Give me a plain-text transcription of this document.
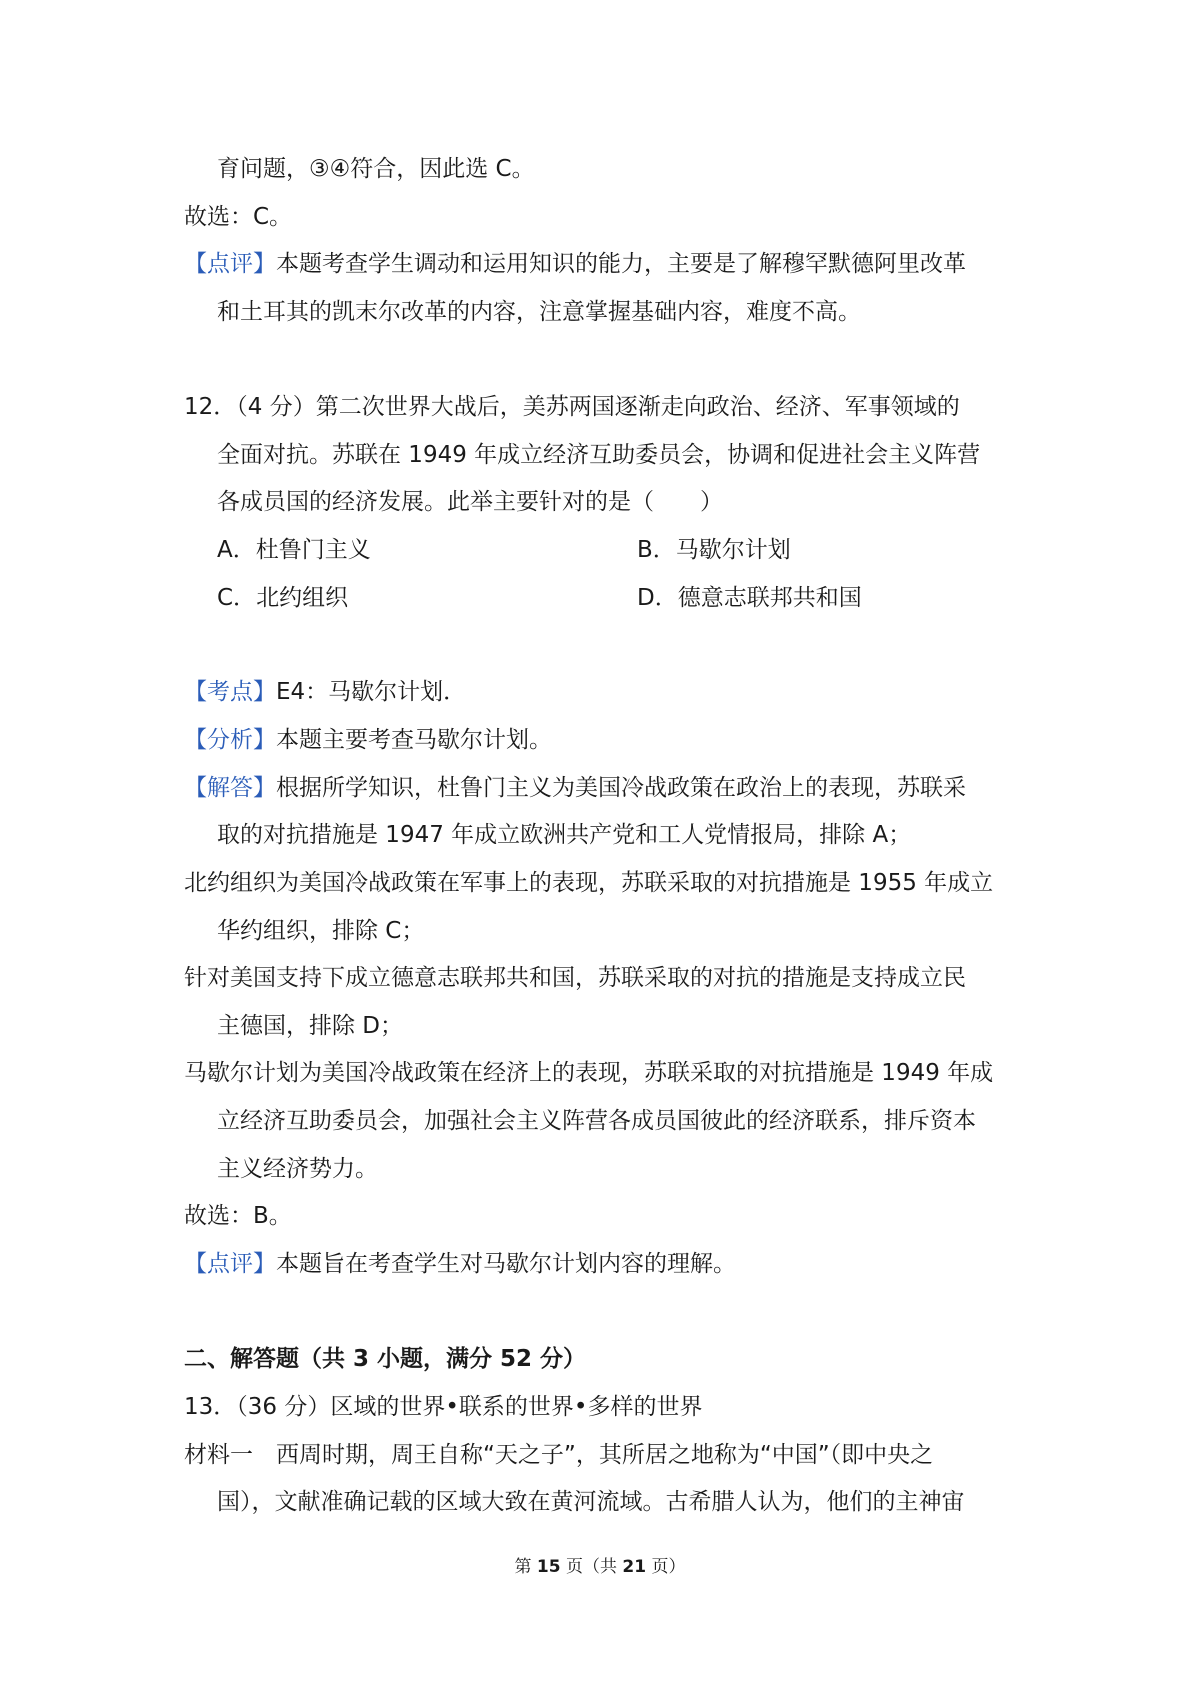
育问题，③④符合，因此选 C。
故选：C。
【点评】本题考查学生调动和运用知识的能力，主要是了解穆罕默德阿里改革
和土耳其的凯末尔改革的内容，注意掌握基础内容，难度不高。
12．（4 分）第二次世界大战后，美苏两国逐渐走向政治、经济、军事领域的
全面对抗。苏联在 1949 年成立经济互助委员会，协调和促进社会主义阵营
各成员国的经济发展。此举主要针对的是（　　）
A．杜鲁门主义	B．马歇尔计划
C．北约组织	D．德意志联邦共和国
【考点】E4：马歇尔计划．
【分析】本题主要考查马歇尔计划。
【解答】根据所学知识，杜鲁门主义为美国冷战政策在政治上的表现，苏联采
取的对抗措施是 1947 年成立欧洲共产党和工人党情报局，排除 A；
北约组织为美国冷战政策在军事上的表现，苏联采取的对抗措施是 1955 年成立
华约组织，排除 C；
针对美国支持下成立德意志联邦共和国，苏联采取的对抗的措施是支持成立民
主德国，排除 D；
马歇尔计划为美国冷战政策在经济上的表现，苏联采取的对抗措施是 1949 年成
立经济互助委员会，加强社会主义阵营各成员国彼此的经济联系，排斥资本
主义经济势力。
故选：B。
【点评】本题旨在考查学生对马歇尔计划内容的理解。
二、解答题（共 3 小题，满分 52 分）
13．（36 分）区域的世界•联系的世界•多样的世界
材料一　西周时期，周王自称“天之子”，其所居之地称为“中国”（即中央之
国），文献准确记载的区域大致在黄河流域。古希腊人认为，他们的主神宙
第 15 页（共 21 页）
